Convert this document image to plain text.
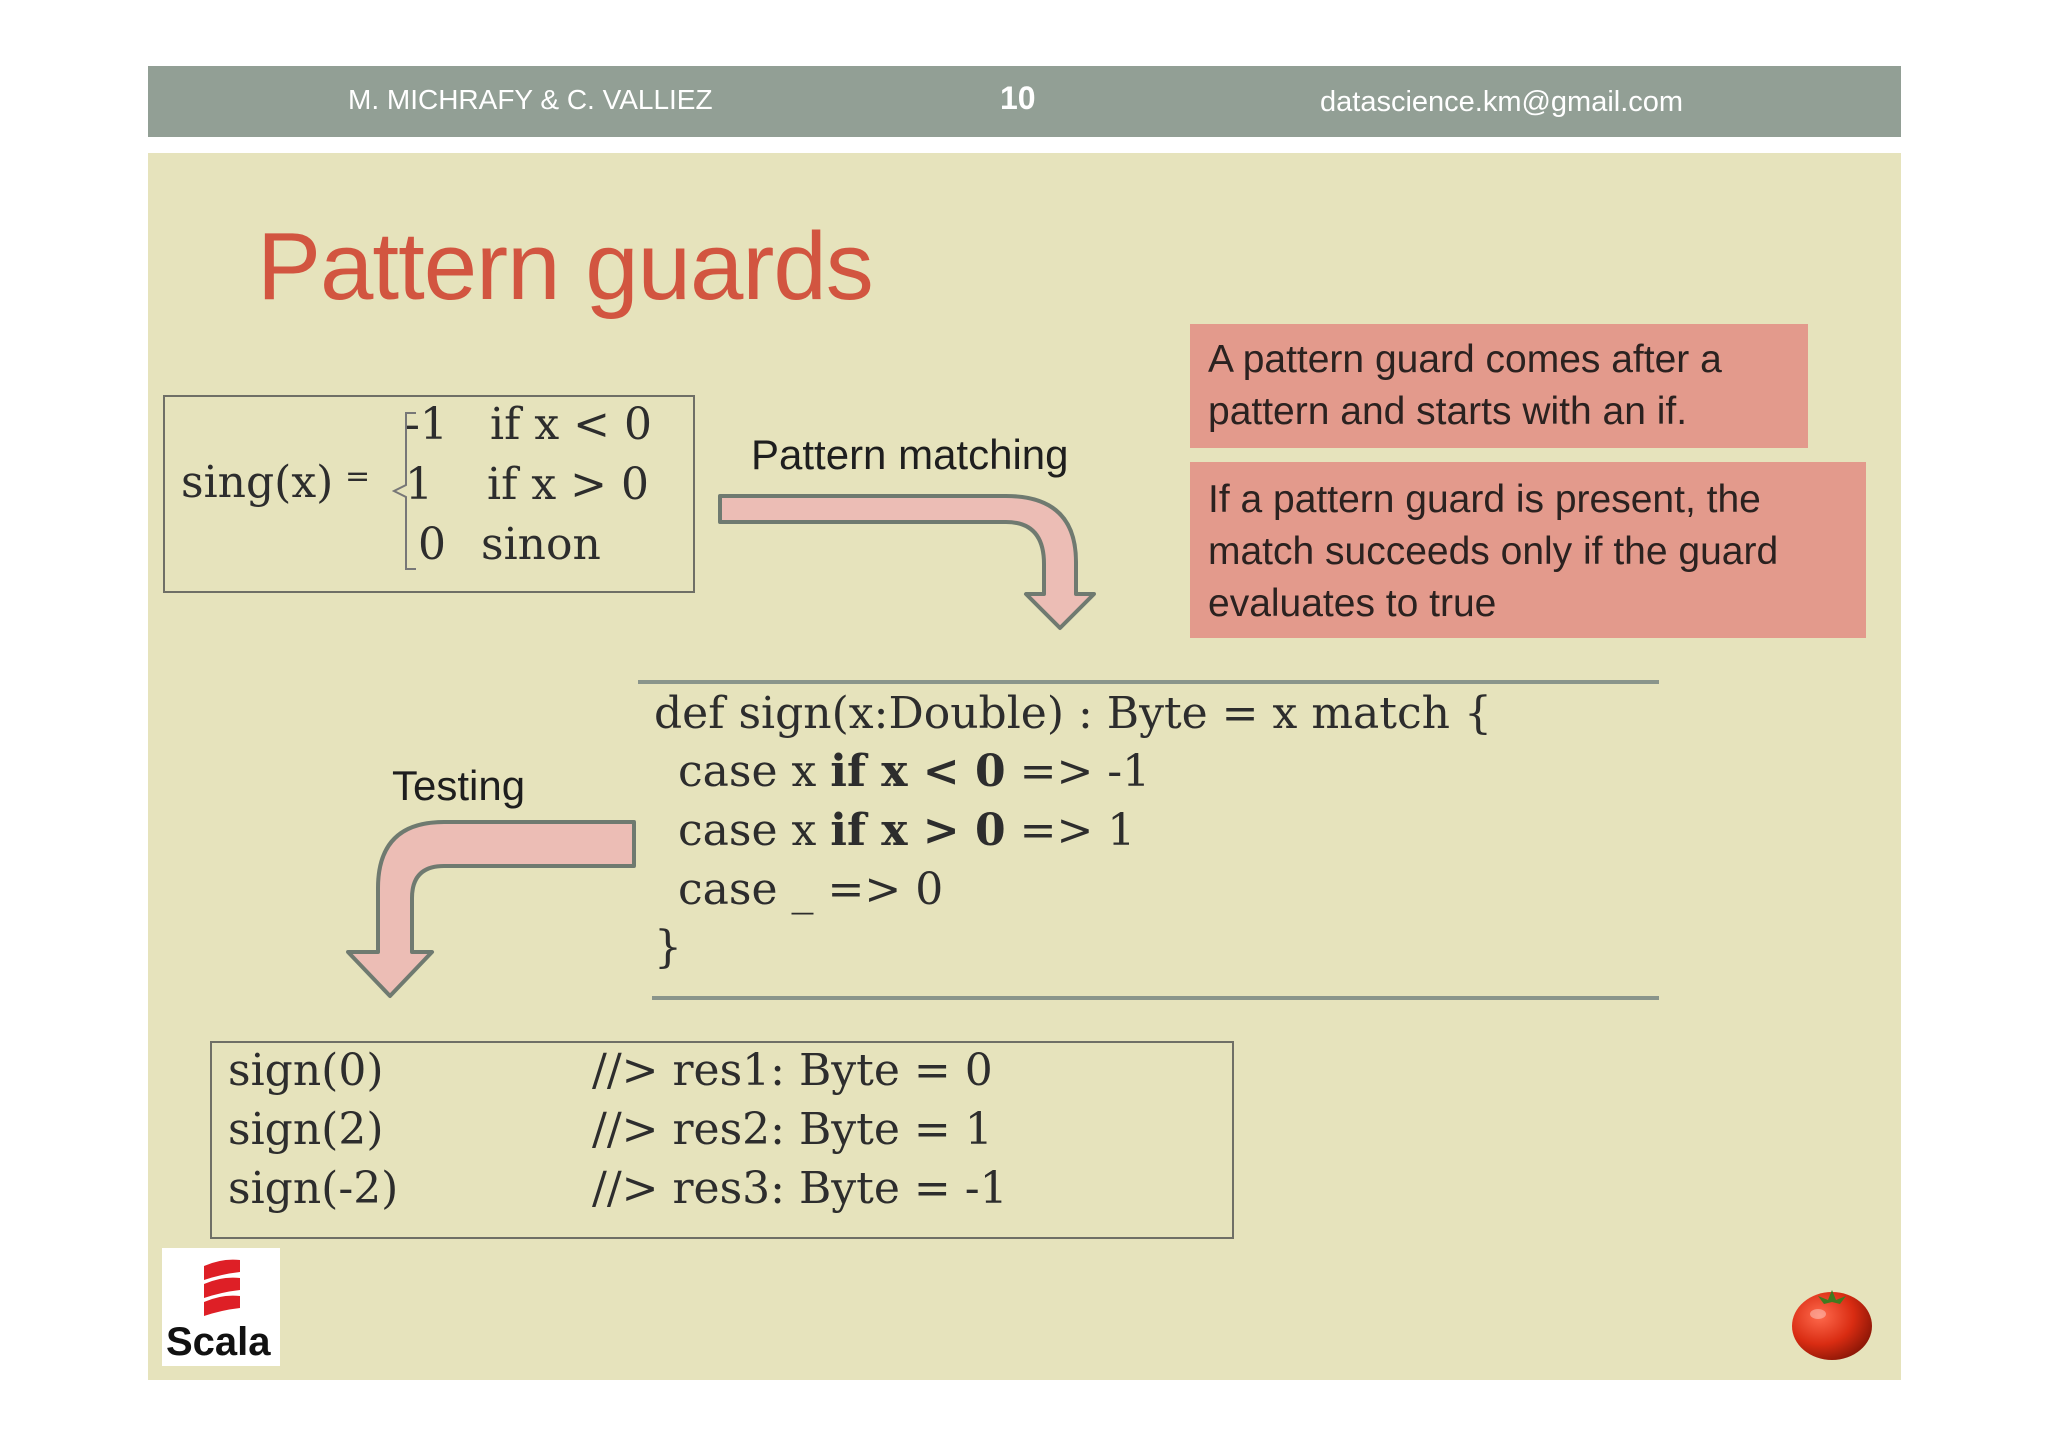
M. MICHRAFY & C. VALLIEZ	10	datascience.km@gmail.com
Pattern guards
sing(x) =
-1 if x < 0
1 if x > 0
0 sinon
Pattern matching
A pattern guard comes after a pattern and starts with an if.
If a pattern guard is present, the match succeeds only if the guard evaluates to true
def sign(x:Double) : Byte = x match {
case x if x < 0 => -1
case x if x > 0 => 1
case _ => 0
}
Testing
sign(0)	//> res1: Byte = 0
sign(2)	//> res2: Byte = 1
sign(-2)	//> res3: Byte = -1
Scala
